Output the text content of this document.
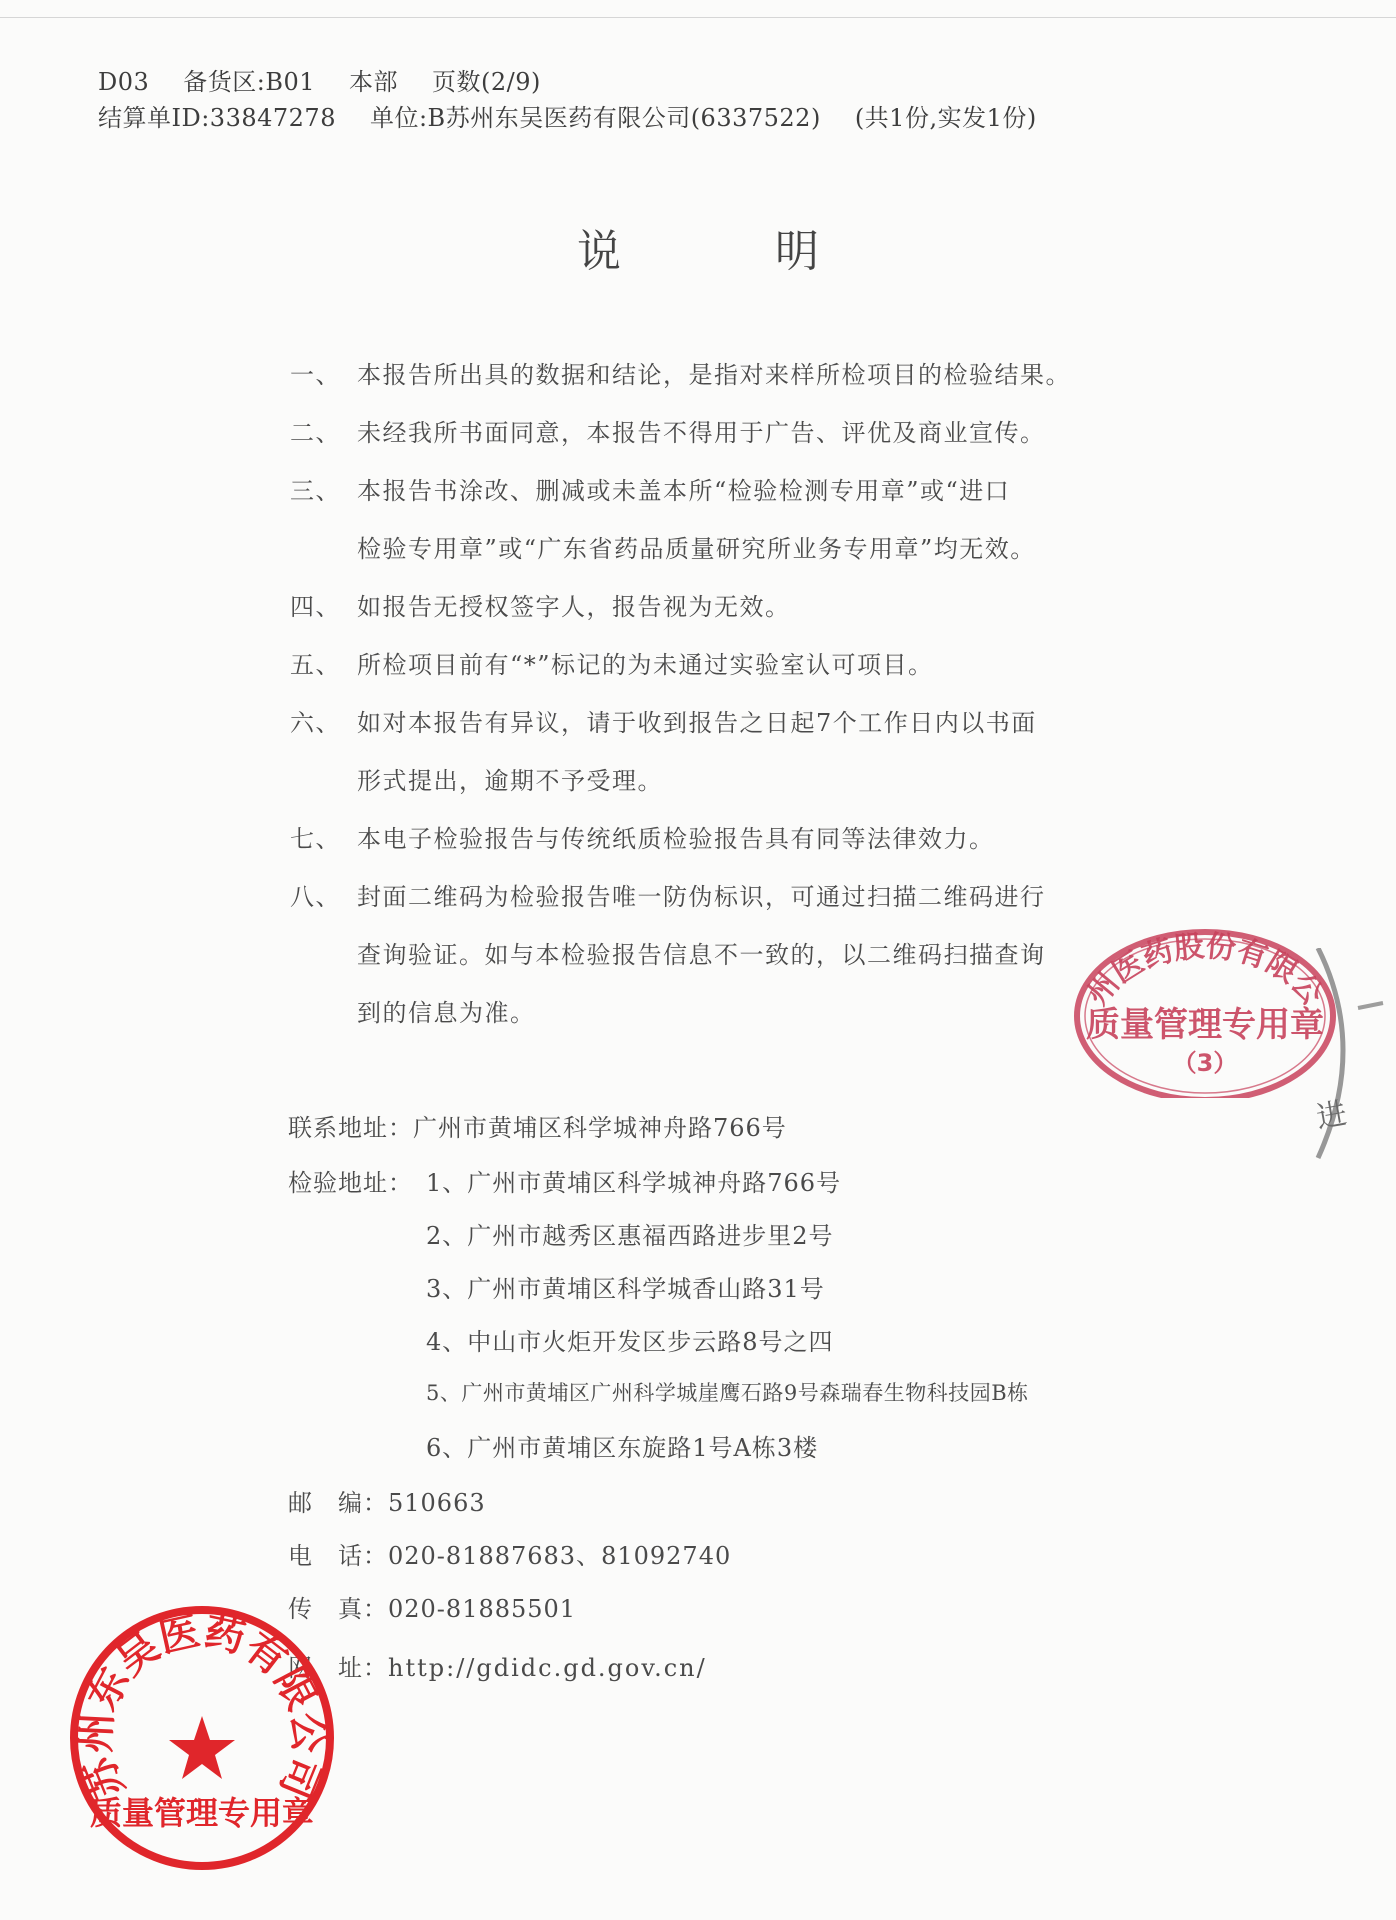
D03 备货区:B01 本部 页数(2/9)
结算单ID:33847278 单位:B苏州东吴医药有限公司(6337522) (共1份,实发1份)
说 明
一、 本报告所出具的数据和结论，是指对来样所检项目的检验结果。
二、 未经我所书面同意，本报告不得用于广告、评优及商业宣传。
三、 本报告书涂改、删减或未盖本所“检验检测专用章”或“进口
检验专用章”或“广东省药品质量研究所业务专用章”均无效。
四、 如报告无授权签字人，报告视为无效。
五、 所检项目前有“*”标记的为未通过实验室认可项目。
六、 如对本报告有异议，请于收到报告之日起7个工作日内以书面
形式提出，逾期不予受理。
七、 本电子检验报告与传统纸质检验报告具有同等法律效力。
八、 封面二维码为检验报告唯一防伪标识，可通过扫描二维码进行
查询验证。如与本检验报告信息不一致的，以二维码扫描查询
到的信息为准。
联系地址：广州市黄埔区科学城神舟路766号
检验地址： 1、广州市黄埔区科学城神舟路766号
2、广州市越秀区惠福西路进步里2号
3、广州市黄埔区科学城香山路31号
4、中山市火炬开发区步云路8号之四
5、广州市黄埔区广州科学城崖鹰石路9号森瑞春生物科技园B栋
6、广州市黄埔区东旋路1号A栋3楼
邮　编：510663
电　话：020-81887683、81092740
传　真：020-81885501
网　址：http://gdidc.gd.gov.cn/
州医药股份有限公
质量管理专用章
（3）
进
苏州东吴医药有限公司
质量管理专用章
